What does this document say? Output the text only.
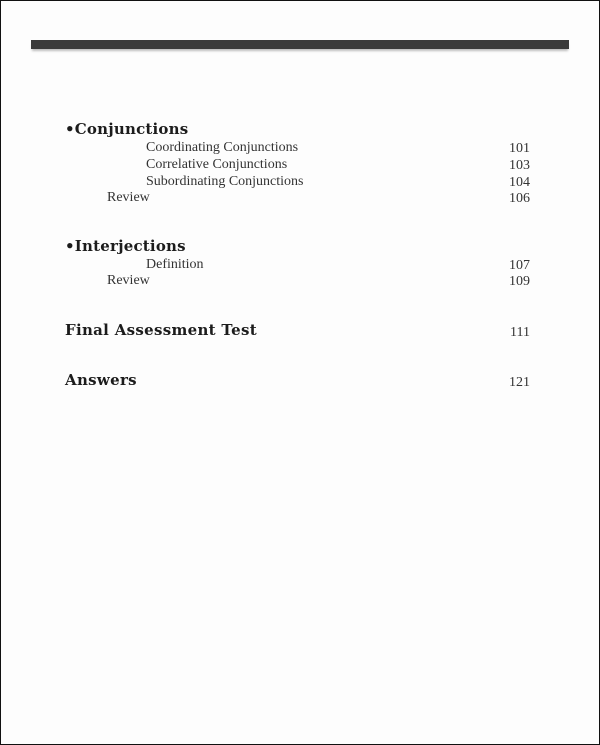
•Conjunctions
Coordinating Conjunctions	101
Correlative Conjunctions	103
Subordinating Conjunctions	104
Review	106
•Interjections
Definition	107
Review	109
Final Assessment Test	111
Answers	121
